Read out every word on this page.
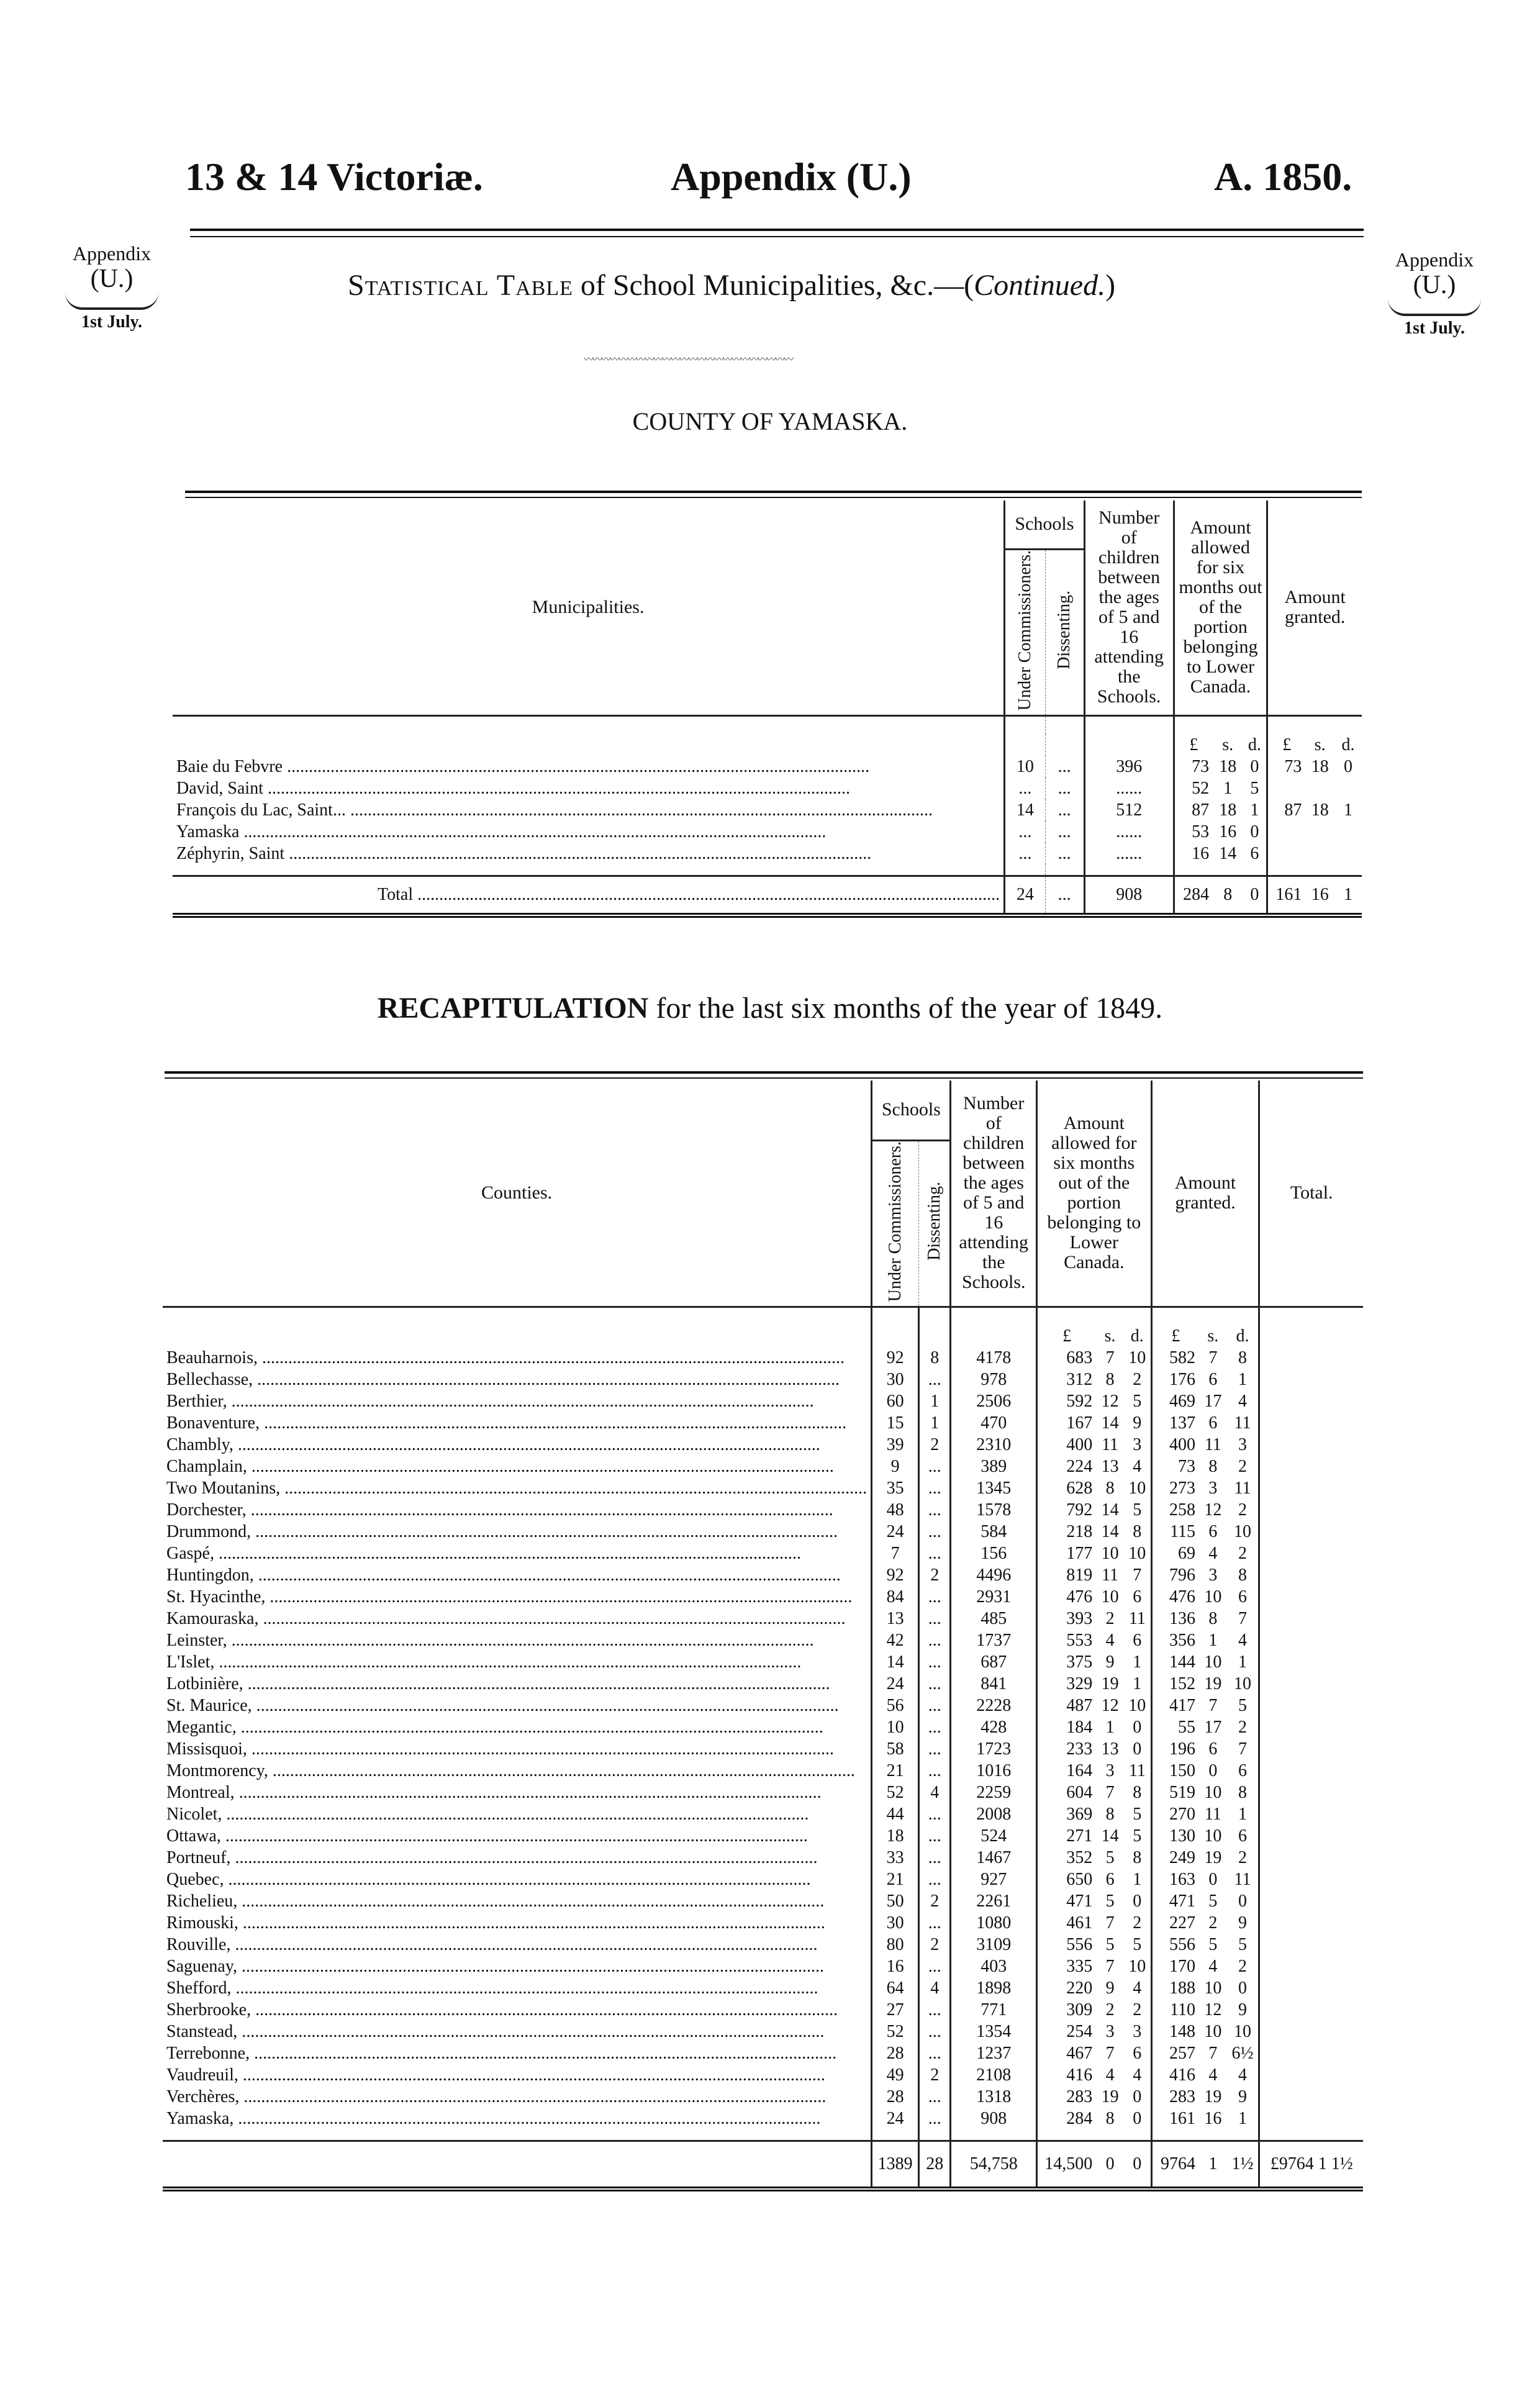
13 & 14 Victoriæ.	Appendix (U.)	A. 1850.
Appendix
(U.)
1st July.
Appendix
(U.)
1st July.
Statistical Table of School Municipalities, &c.—(Continued.)
〰〰〰〰〰〰〰〰〰〰〰〰〰〰〰〰〰〰〰〰〰〰〰〰
COUNTY OF YAMASKA.
Municipalities.	Schools		Number of children between the ages of 5 and 16 attending the Schools.	Amount allowed for six months out of the portion belonging to Lower Canada.			Amount granted.		
	Under Commissioners.	Dissenting.							

				£	s.	d.	£	s.	d.
Baie du Febvre .....	10	...	396	73	18	0	73	18	0
David, Saint .....	...	...	......	52	1	5			
François du Lac, Saint... .....	14	...	512	87	18	1	87	18	1
Yamaska .....	...	...	......	53	16	0			
Zéphyrin, Saint .....	...	...	......	16	14	6			

Total .....	24	...	908	284	8	0	161	16	1
RECAPITULATION for the last six months of the year of 1849.
Counties.	Schools		Number of children between the ages of 5 and 16 attending the Schools.	Amount allowed for six months out of the portion belonging to Lower Canada.			Amount granted.			Total.
	Under Commissioners.	Dissenting.								

				£	s.	d.	£	s.	d.	
Beauharnois, .....	92	8	4178	683	7	10	582	7	8	
Bellechasse, .....	30	...	978	312	8	2	176	6	1	
Berthier, .....	60	1	2506	592	12	5	469	17	4	
Bonaventure, .....	15	1	470	167	14	9	137	6	11	
Chambly, .....	39	2	2310	400	11	3	400	11	3	
Champlain, .....	9	...	389	224	13	4	73	8	2	
Two Moutanins, .....	35	...	1345	628	8	10	273	3	11	
Dorchester, .....	48	...	1578	792	14	5	258	12	2	
Drummond, .....	24	...	584	218	14	8	115	6	10	
Gaspé, .....	7	...	156	177	10	10	69	4	2	
Huntingdon, .....	92	2	4496	819	11	7	796	3	8	
St. Hyacinthe, .....	84	...	2931	476	10	6	476	10	6	
Kamouraska, .....	13	...	485	393	2	11	136	8	7	
Leinster, .....	42	...	1737	553	4	6	356	1	4	
L'Islet, .....	14	...	687	375	9	1	144	10	1	
Lotbinière, .....	24	...	841	329	19	1	152	19	10	
St. Maurice, .....	56	...	2228	487	12	10	417	7	5	
Megantic, .....	10	...	428	184	1	0	55	17	2	
Missisquoi, .....	58	...	1723	233	13	0	196	6	7	
Montmorency, .....	21	...	1016	164	3	11	150	0	6	
Montreal, .....	52	4	2259	604	7	8	519	10	8	
Nicolet, .....	44	...	2008	369	8	5	270	11	1	
Ottawa, .....	18	...	524	271	14	5	130	10	6	
Portneuf, .....	33	...	1467	352	5	8	249	19	2	
Quebec, .....	21	...	927	650	6	1	163	0	11	
Richelieu, .....	50	2	2261	471	5	0	471	5	0	
Rimouski, .....	30	...	1080	461	7	2	227	2	9	
Rouville, .....	80	2	3109	556	5	5	556	5	5	
Saguenay, .....	16	...	403	335	7	10	170	4	2	
Shefford, .....	64	4	1898	220	9	4	188	10	0	
Sherbrooke, .....	27	...	771	309	2	2	110	12	9	
Stanstead, .....	52	...	1354	254	3	3	148	10	10	
Terrebonne, .....	28	...	1237	467	7	6	257	7	6½	
Vaudreuil, .....	49	2	2108	416	4	4	416	4	4	
Verchères, .....	28	...	1318	283	19	0	283	19	9	
Yamaska, .....	24	...	908	284	8	0	161	16	1	

	1389	28	54,758	14,500	0	0	9764	1	1½	£9764 1 1½
